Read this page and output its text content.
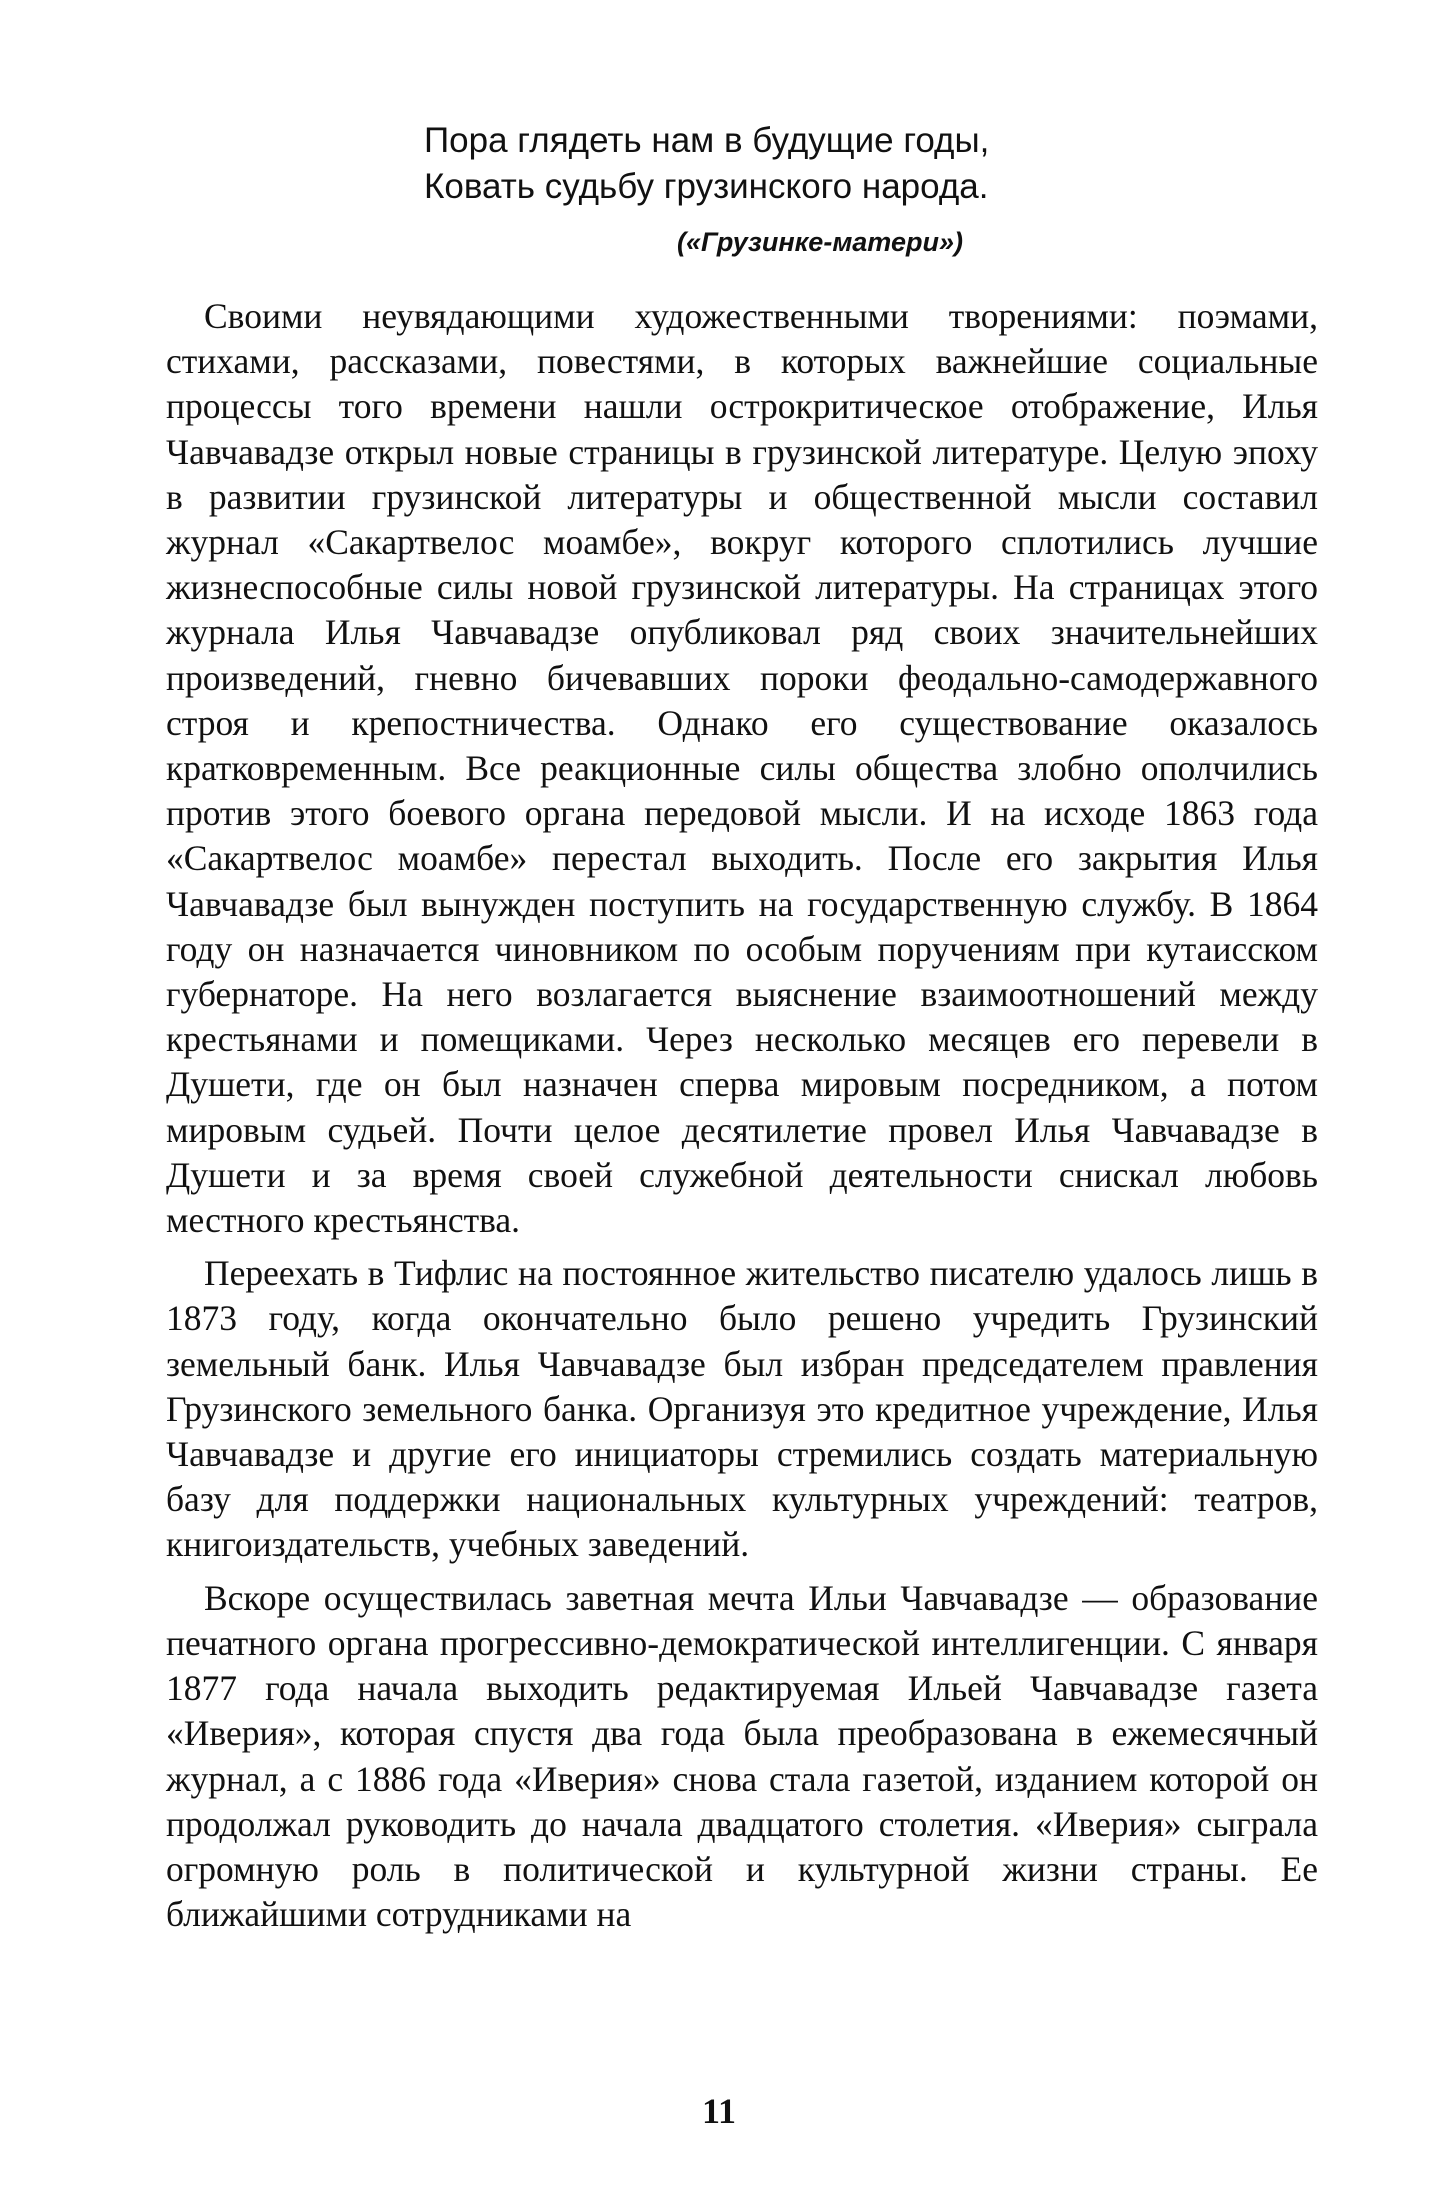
Пора глядеть нам в будущие годы,
Ковать судьбу грузинского народа.
(«Грузинке-матери»)

Своими неувядающими художественными творениями: поэмами, стихами, рассказами, повестями, в которых важнейшие социальные процессы того времени нашли острокритическое отображение, Илья Чавчавадзе открыл новые страницы в грузинской литературе. Целую эпоху в развитии грузинской литературы и общественной мысли составил журнал «Сакартвелос моамбе», вокруг которого сплотились лучшие жизнеспособные силы новой грузинской литературы. На страницах этого журнала Илья Чавчавадзе опубликовал ряд своих значительнейших произведений, гневно бичевавших пороки феодально-самодержавного строя и крепостничества. Однако его существование оказалось кратковременным. Все реакционные силы общества злобно ополчились против этого боевого органа передовой мысли. И на исходе 1863 года «Сакартвелос моамбе» перестал выходить. После его закрытия Илья Чавчавадзе был вынужден поступить на государственную службу. В 1864 году он назначается чиновником по особым поручениям при кутаисском губернаторе. На него возлагается выяснение взаимоотношений между крестьянами и помещиками. Через несколько месяцев его перевели в Душети, где он был назначен сперва мировым посредником, а потом мировым судьей. Почти целое десятилетие провел Илья Чавчавадзе в Душети и за время своей служебной деятельности снискал любовь местного крестьянства.

Переехать в Тифлис на постоянное жительство писателю удалось лишь в 1873 году, когда окончательно было решено учредить Грузинский земельный банк. Илья Чавчавадзе был избран председателем правления Грузинского земельного банка. Организуя это кредитное учреждение, Илья Чавчавадзе и другие его инициаторы стремились создать материальную базу для поддержки национальных культурных учреждений: театров, книгоиздательств, учебных заведений.

Вскоре осуществилась заветная мечта Ильи Чавчавадзе — образование печатного органа прогрессивно-демократической интеллигенции. С января 1877 года начала выходить редактируемая Ильей Чавчавадзе газета «Иверия», которая спустя два года была преобразована в ежемесячный журнал, а с 1886 года «Иверия» снова стала газетой, изданием которой он продолжал руководить до начала двадцатого столетия. «Иверия» сыграла огромную роль в политической и культурной жизни страны. Ее ближайшими сотрудниками на

11
